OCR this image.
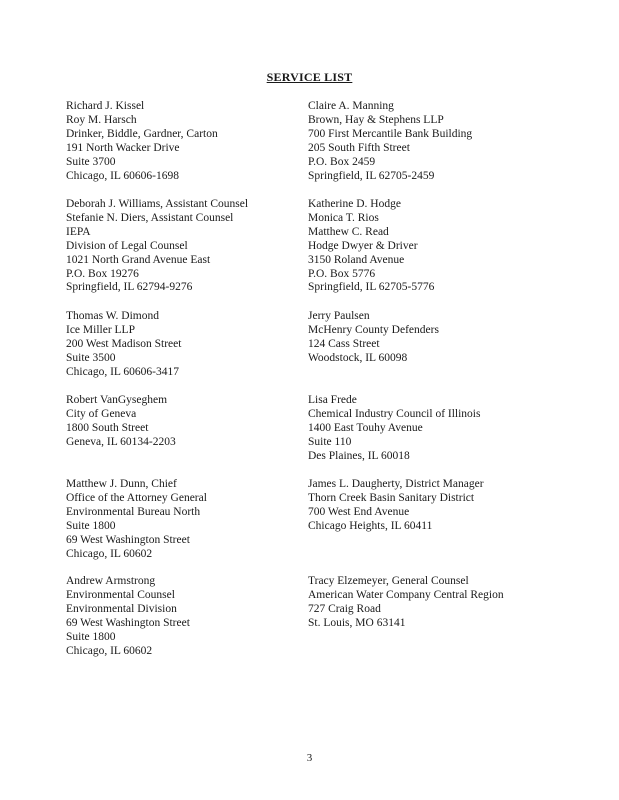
SERVICE LIST
Richard J. Kissel
Roy M. Harsch
Drinker, Biddle, Gardner, Carton
191 North Wacker Drive
Suite 3700
Chicago, IL 60606-1698
Deborah J. Williams, Assistant Counsel
Stefanie N. Diers, Assistant Counsel
IEPA
Division of Legal Counsel
1021 North Grand Avenue East
P.O. Box 19276
Springfield, IL 62794-9276
Thomas W. Dimond
Ice Miller LLP
200 West Madison Street
Suite 3500
Chicago, IL 60606-3417
Robert VanGyseghem
City of Geneva
1800 South Street
Geneva, IL 60134-2203
Matthew J. Dunn, Chief
Office of the Attorney General
Environmental Bureau North
Suite 1800
69 West Washington Street
Chicago, IL 60602
Andrew Armstrong
Environmental Counsel
Environmental Division
69 West Washington Street
Suite 1800
Chicago, IL 60602
Claire A. Manning
Brown, Hay & Stephens LLP
700 First Mercantile Bank Building
205 South Fifth Street
P.O. Box 2459
Springfield, IL 62705-2459
Katherine D. Hodge
Monica T. Rios
Matthew C. Read
Hodge Dwyer & Driver
3150 Roland Avenue
P.O. Box 5776
Springfield, IL 62705-5776
Jerry Paulsen
McHenry County Defenders
124 Cass Street
Woodstock, IL 60098
Lisa Frede
Chemical Industry Council of Illinois
1400 East Touhy Avenue
Suite 110
Des Plaines, IL 60018
James L. Daugherty, District Manager
Thorn Creek Basin Sanitary District
700 West End Avenue
Chicago Heights, IL 60411
Tracy Elzemeyer, General Counsel
American Water Company Central Region
727 Craig Road
St. Louis, MO 63141
3
